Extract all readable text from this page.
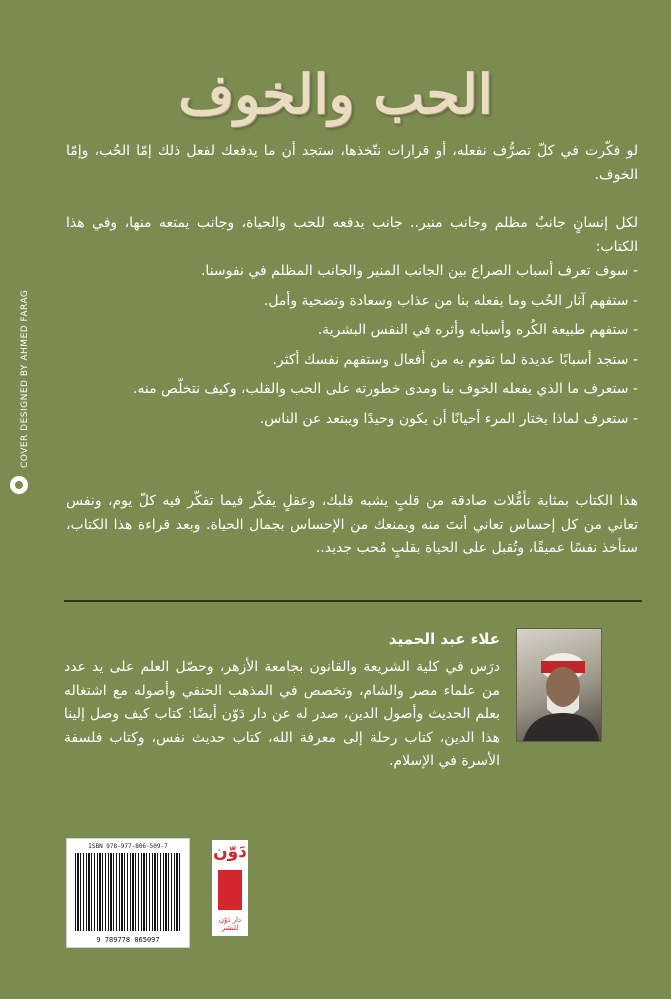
الحب والخوف

لو فكّرت في كلّ تصرُّف نفعله، أو قرارات نتّخذها، ستجد أن ما يدفعك لفعل ذلك إمّا الحُب، وإمّا الخوف.

لكل إنسانٍ جانبٌ مظلم وجانب منير.. جانب يدفعه للحب والحياة، وجانب يمتعه منها، وفي هذا الكتاب:

- سوف تعرف أسباب الصراع بين الجانب المنير والجانب المظلم في نفوسنا.
- ستفهم آثار الحُب وما يفعله بنا من عذاب وسعادة وتضحية وأمل.
- ستفهم طبيعة الكُره وأسبابه وأثره في النفس البشرية.
- ستجد أسبابًا عديدة لما تقوم به من أفعال وستفهم نفسك أكثر.
- ستعرف ما الذي يفعله الخوف بنا ومدى خطورته على الحب والقلب، وكيف نتخلّص منه.
- ستعرف لماذا يختار المرء أحيانًا أن يكون وحيدًا ويبتعد عن الناس.

هذا الكتاب بمثابة تأمُّلات صادقة من قلبٍ يشبه قلبك، وعقلٍ يفكّر فيما تفكّر فيه كلّ يوم، ونفس تعاني من كل إحساس تعاني أنتَ منه ويمنعك من الإحساس بجمال الحياة. وبعد قراءة هذا الكتاب، ستأخذ نفسًا عميقًا، وتُقبل على الحياة بقلبٍ مُحب جديد..

COVER DESIGNED BY AHMED FARAG
علاء عبد الحميد
درَس في كلية الشريعة والقانون بجامعة الأزهر، وحصّل العلم على يد عدد من علماء مصر والشام، وتخصص في المذهب الحنفي وأصوله مع اشتغاله بعلم الحديث وأصول الدين، صدر له عن دار دَوّن أيضًا: كتاب كيف وصل إلينا هذا الدين، كتاب رحلة إلى معرفة الله، كتاب حديث نفس، وكتاب فلسفة الأسرة في الإسلام.
ISBN 978-977-806-509-7
9 789778 065097
دَوّن
دار دَوّن للنشر
